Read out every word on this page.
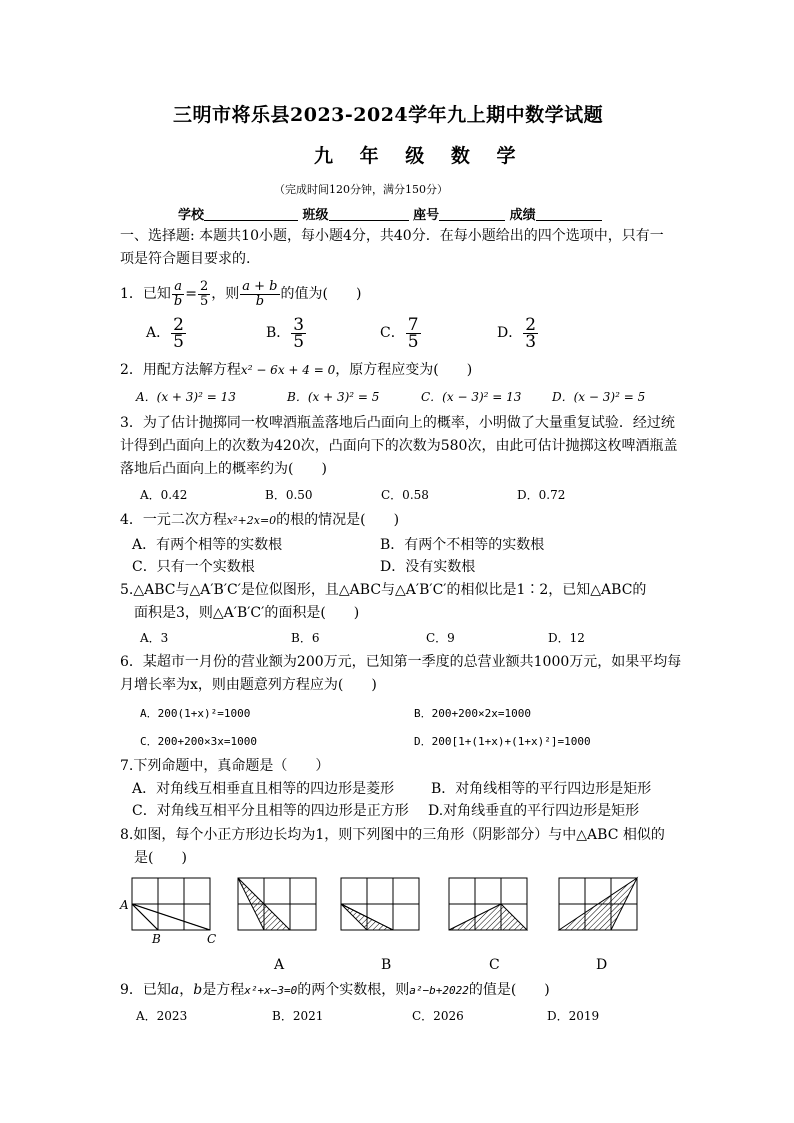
三明市将乐县2023-2024学年九上期中数学试题
九 年 级 数 学
（完成时间120分钟，满分150分）
学校	班级	座号	成绩
一、选择题: 本题共10小题，每小题4分，共40分．在每小题给出的四个选项中，只有一
项是符合题目要求的.
1．已知 $\frac{a}{b} = \frac{2}{5}$ ，则 $\frac{a + b}{b}$ 的值为(　　)
A． $\frac{2}{5}$	B． $\frac{3}{5}$	C． $\frac{7}{5}$	D． $\frac{2}{3}$
2．用配方法解方程x² − 6x + 4 = 0，原方程应变为(　　)
A．(x + 3)² = 13	B．(x + 3)² = 5	C．(x − 3)² = 13	D．(x − 3)² = 5
3．为了估计抛掷同一枚啤酒瓶盖落地后凸面向上的概率，小明做了大量重复试验．经过统
计得到凸面向上的次数为420次，凸面向下的次数为580次，由此可估计抛掷这枚啤酒瓶盖
落地后凸面向上的概率约为(　　)
A．0.42	B．0.50	C．0.58	D．0.72
4．一元二次方程x²+2x=0的根的情况是(　　)
A．有两个相等的实数根	B．有两个不相等的实数根
C．只有一个实数根	D．没有实数根
5.△ABC与△A′B′C′是位似图形，且△ABC与△A′B′C′的相似比是1∶2，已知△ABC的
面积是3，则△A′B′C′的面积是(　　)
A．3	B．6	C．9	D．12
6．某超市一月份的营业额为200万元，已知第一季度的总营业额共1000万元，如果平均每
月增长率为x，则由题意列方程应为(　　)
A．200(1+x)²=1000	B．200+200×2x=1000
C．200+200×3x=1000	D．200[1+(1+x)+(1+x)²]=1000
7.下列命题中，真命题是（　　）
A．对角线互相垂直且相等的四边形是菱形	B．对角线相等的平行四边形是矩形
C．对角线互相平分且相等的四边形是正方形 D.对角线垂直的平行四边形是矩形
8.如图，每个小正方形边长均为1，则下列图中的三角形（阴影部分）与中△ABC 相似的
是(　　)
A
B	C
A	B	C	D
9．已知a，b是方程x²+x−3=0的两个实数根，则a²−b+2022的值是(　　)
A．2023	B．2021	C．2026	D．2019
